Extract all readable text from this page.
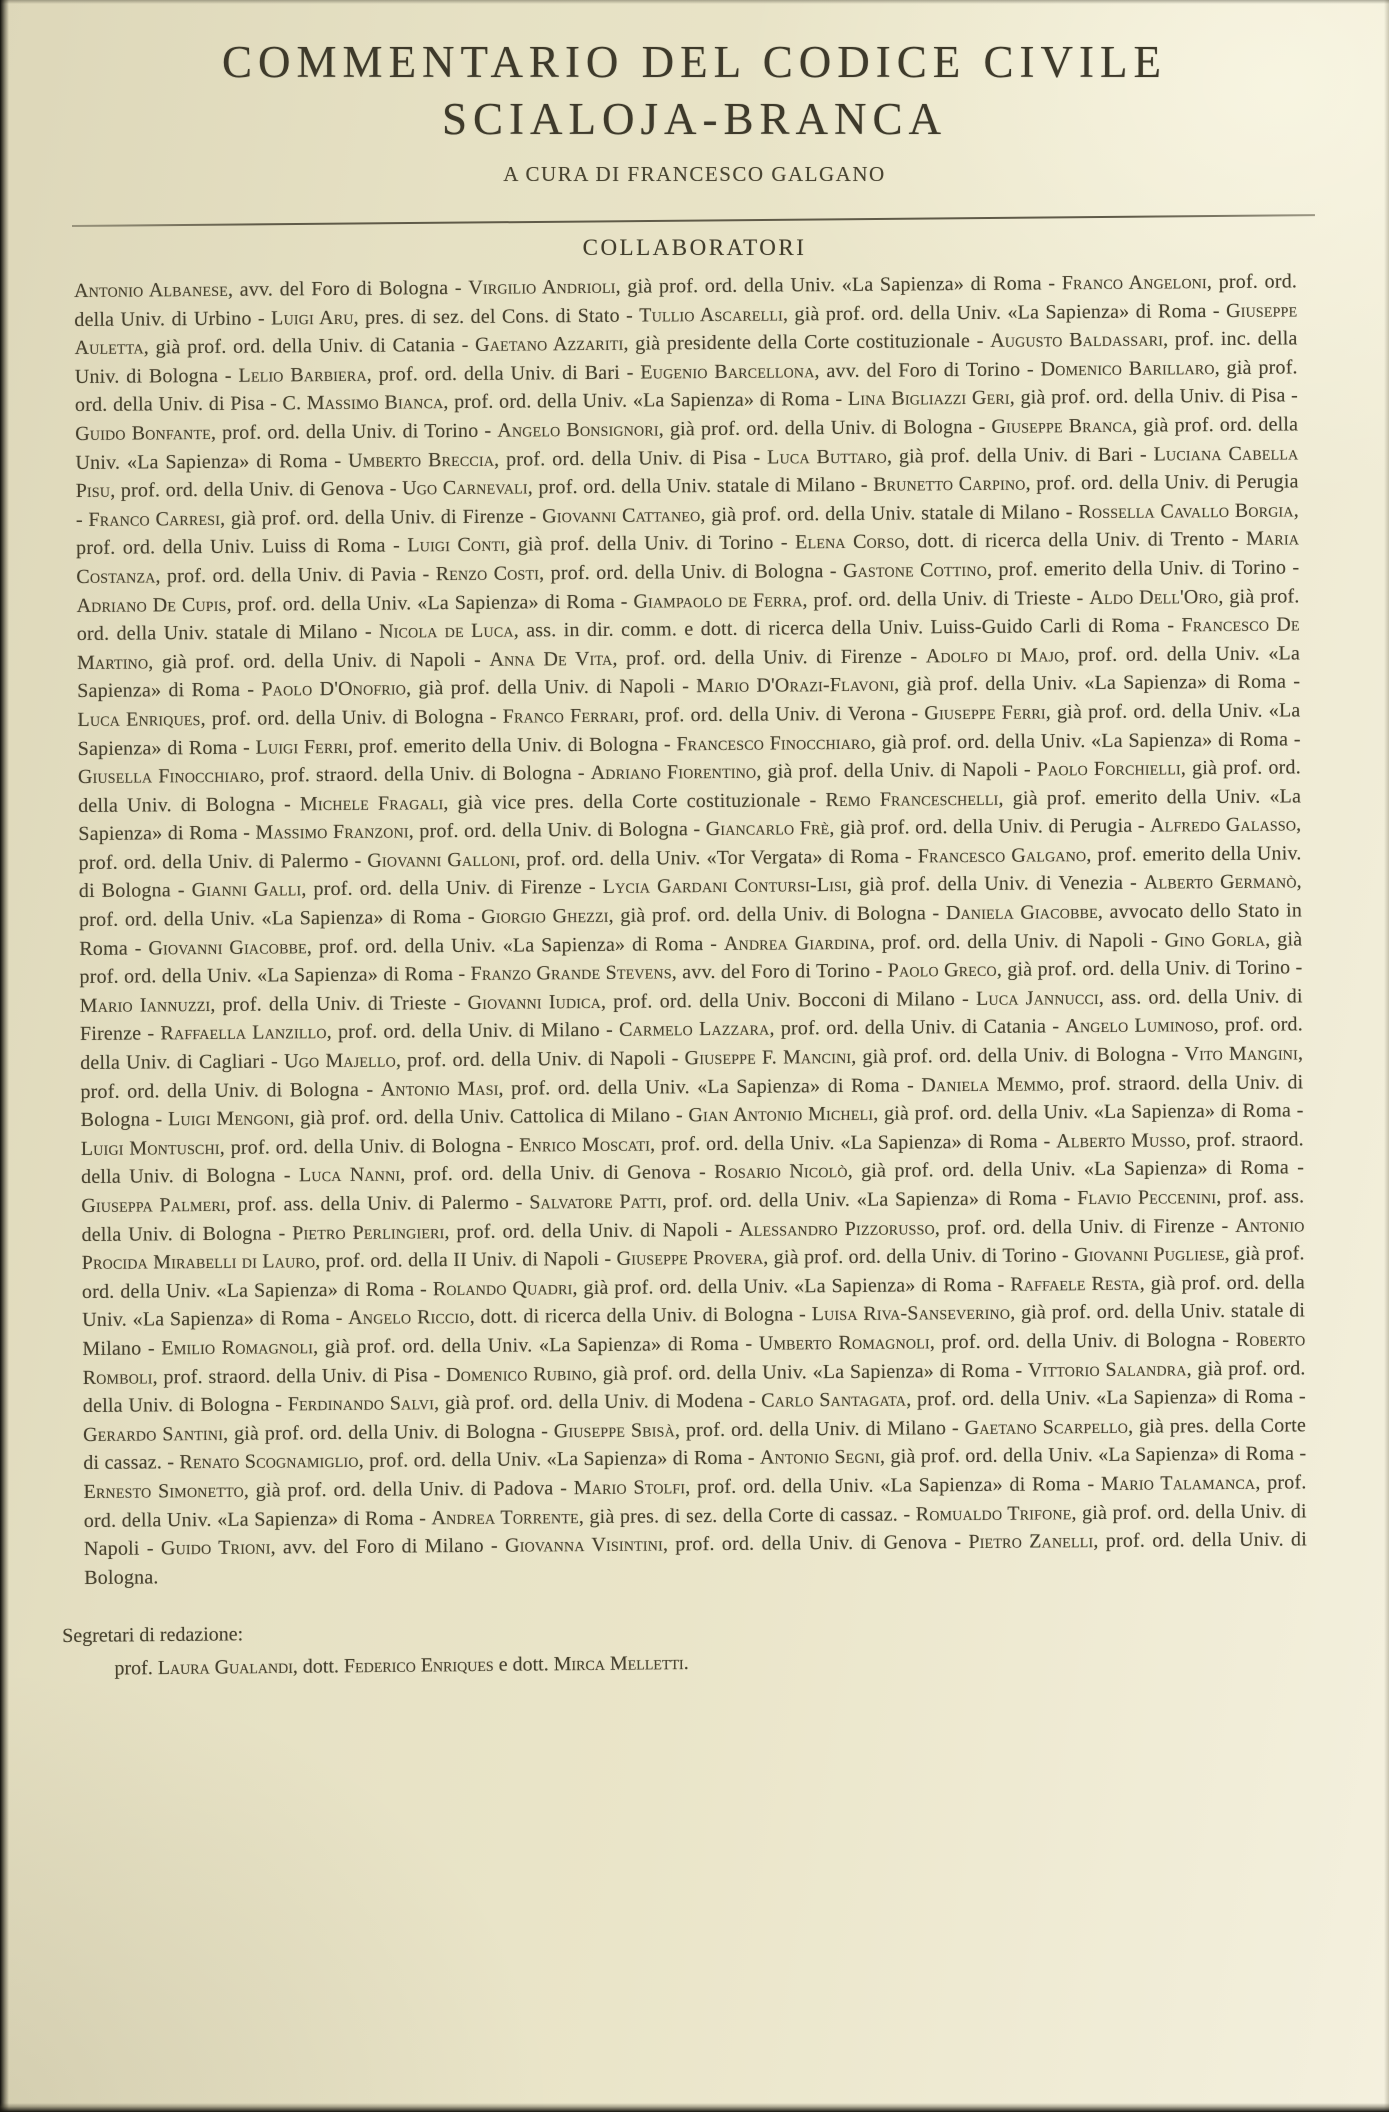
COMMENTARIO DEL CODICE CIVILE
SCIALOJA-BRANCA
A CURA DI FRANCESCO GALGANO
COLLABORATORI

Antonio Albanese, avv. del Foro di Bologna - Virgilio Andrioli, già prof. ord. della Univ. «La Sapienza» di Roma - Franco Angeloni, prof. ord. della Univ. di Urbino - Luigi Aru, pres. di sez. del Cons. di Stato - Tullio Ascarelli, già prof. ord. della Univ. «La Sapienza» di Roma - Giuseppe Auletta, già prof. ord. della Univ. di Catania - Gaetano Azzariti, già presidente della Corte costituzionale - Augusto Baldassari, prof. inc. della Univ. di Bologna - Lelio Barbiera, prof. ord. della Univ. di Bari - Eugenio Barcellona, avv. del Foro di Torino - Domenico Barillaro, già prof. ord. della Univ. di Pisa - C. Massimo Bianca, prof. ord. della Univ. «La Sapienza» di Roma - Lina Bigliazzi Geri, già prof. ord. della Univ. di Pisa - Guido Bonfante, prof. ord. della Univ. di Torino - Angelo Bonsignori, già prof. ord. della Univ. di Bologna - Giuseppe Branca, già prof. ord. della Univ. «La Sapienza» di Roma - Umberto Breccia, prof. ord. della Univ. di Pisa - Luca Buttaro, già prof. della Univ. di Bari - Luciana Cabella Pisu, prof. ord. della Univ. di Genova - Ugo Carnevali, prof. ord. della Univ. statale di Milano - Brunetto Carpino, prof. ord. della Univ. di Perugia - Franco Carresi, già prof. ord. della Univ. di Firenze - Giovanni Cattaneo, già prof. ord. della Univ. statale di Milano - Rossella Cavallo Borgia, prof. ord. della Univ. Luiss di Roma - Luigi Conti, già prof. della Univ. di Torino - Elena Corso, dott. di ricerca della Univ. di Trento - Maria Costanza, prof. ord. della Univ. di Pavia - Renzo Costi, prof. ord. della Univ. di Bologna - Gastone Cottino, prof. emerito della Univ. di Torino - Adriano De Cupis, prof. ord. della Univ. «La Sapienza» di Roma - Giampaolo de Ferra, prof. ord. della Univ. di Trieste - Aldo Dell'Oro, già prof. ord. della Univ. statale di Milano - Nicola de Luca, ass. in dir. comm. e dott. di ricerca della Univ. Luiss-Guido Carli di Roma - Francesco De Martino, già prof. ord. della Univ. di Napoli - Anna De Vita, prof. ord. della Univ. di Firenze - Adolfo di Majo, prof. ord. della Univ. «La Sapienza» di Roma - Paolo D'Onofrio, già prof. della Univ. di Napoli - Mario D'Orazi-Flavoni, già prof. della Univ. «La Sapienza» di Roma - Luca Enriques, prof. ord. della Univ. di Bologna - Franco Ferrari, prof. ord. della Univ. di Verona - Giuseppe Ferri, già prof. ord. della Univ. «La Sapienza» di Roma - Luigi Ferri, prof. emerito della Univ. di Bologna - Francesco Finocchiaro, già prof. ord. della Univ. «La Sapienza» di Roma - Giusella Finocchiaro, prof. straord. della Univ. di Bologna - Adriano Fiorentino, già prof. della Univ. di Napoli - Paolo Forchielli, già prof. ord. della Univ. di Bologna - Michele Fragali, già vice pres. della Corte costituzionale - Remo Franceschelli, già prof. emerito della Univ. «La Sapienza» di Roma - Massimo Franzoni, prof. ord. della Univ. di Bologna - Giancarlo Frè, già prof. ord. della Univ. di Perugia - Alfredo Galasso, prof. ord. della Univ. di Palermo - Giovanni Galloni, prof. ord. della Univ. «Tor Vergata» di Roma - Francesco Galgano, prof. emerito della Univ. di Bologna - Gianni Galli, prof. ord. della Univ. di Firenze - Lycia Gardani Contursi-Lisi, già prof. della Univ. di Venezia - Alberto Germanò, prof. ord. della Univ. «La Sapienza» di Roma - Giorgio Ghezzi, già prof. ord. della Univ. di Bologna - Daniela Giacobbe, avvocato dello Stato in Roma - Giovanni Giacobbe, prof. ord. della Univ. «La Sapienza» di Roma - Andrea Giardina, prof. ord. della Univ. di Napoli - Gino Gorla, già prof. ord. della Univ. «La Sapienza» di Roma - Franzo Grande Stevens, avv. del Foro di Torino - Paolo Greco, già prof. ord. della Univ. di Torino - Mario Iannuzzi, prof. della Univ. di Trieste - Giovanni Iudica, prof. ord. della Univ. Bocconi di Milano - Luca Jannucci, ass. ord. della Univ. di Firenze - Raffaella Lanzillo, prof. ord. della Univ. di Milano - Carmelo Lazzara, prof. ord. della Univ. di Catania - Angelo Luminoso, prof. ord. della Univ. di Cagliari - Ugo Majello, prof. ord. della Univ. di Napoli - Giuseppe F. Mancini, già prof. ord. della Univ. di Bologna - Vito Mangini, prof. ord. della Univ. di Bologna - Antonio Masi, prof. ord. della Univ. «La Sapienza» di Roma - Daniela Memmo, prof. straord. della Univ. di Bologna - Luigi Mengoni, già prof. ord. della Univ. Cattolica di Milano - Gian Antonio Micheli, già prof. ord. della Univ. «La Sapienza» di Roma - Luigi Montuschi, prof. ord. della Univ. di Bologna - Enrico Moscati, prof. ord. della Univ. «La Sapienza» di Roma - Alberto Musso, prof. straord. della Univ. di Bologna - Luca Nanni, prof. ord. della Univ. di Genova - Rosario Nicolò, già prof. ord. della Univ. «La Sapienza» di Roma - Giuseppa Palmeri, prof. ass. della Univ. di Palermo - Salvatore Patti, prof. ord. della Univ. «La Sapienza» di Roma - Flavio Peccenini, prof. ass. della Univ. di Bologna - Pietro Perlingieri, prof. ord. della Univ. di Napoli - Alessandro Pizzorusso, prof. ord. della Univ. di Firenze - Antonio Procida Mirabelli di Lauro, prof. ord. della II Univ. di Napoli - Giuseppe Provera, già prof. ord. della Univ. di Torino - Giovanni Pugliese, già prof. ord. della Univ. «La Sapienza» di Roma - Rolando Quadri, già prof. ord. della Univ. «La Sapienza» di Roma - Raffaele Resta, già prof. ord. della Univ. «La Sapienza» di Roma - Angelo Riccio, dott. di ricerca della Univ. di Bologna - Luisa Riva-Sanseverino, già prof. ord. della Univ. statale di Milano - Emilio Romagnoli, già prof. ord. della Univ. «La Sapienza» di Roma - Umberto Romagnoli, prof. ord. della Univ. di Bologna - Roberto Romboli, prof. straord. della Univ. di Pisa - Domenico Rubino, già prof. ord. della Univ. «La Sapienza» di Roma - Vittorio Salandra, già prof. ord. della Univ. di Bologna - Ferdinando Salvi, già prof. ord. della Univ. di Modena - Carlo Santagata, prof. ord. della Univ. «La Sapienza» di Roma - Gerardo Santini, già prof. ord. della Univ. di Bologna - Giuseppe Sbisà, prof. ord. della Univ. di Milano - Gaetano Scarpello, già pres. della Corte di cassaz. - Renato Scognamiglio, prof. ord. della Univ. «La Sapienza» di Roma - Antonio Segni, già prof. ord. della Univ. «La Sapienza» di Roma - Ernesto Simonetto, già prof. ord. della Univ. di Padova - Mario Stolfi, prof. ord. della Univ. «La Sapienza» di Roma - Mario Talamanca, prof. ord. della Univ. «La Sapienza» di Roma - Andrea Torrente, già pres. di sez. della Corte di cassaz. - Romualdo Trifone, già prof. ord. della Univ. di Napoli - Guido Trioni, avv. del Foro di Milano - Giovanna Visintini, prof. ord. della Univ. di Genova - Pietro Zanelli, prof. ord. della Univ. di Bologna.

Segretari di redazione:
prof. Laura Gualandi, dott. Federico Enriques e dott. Mirca Melletti.
